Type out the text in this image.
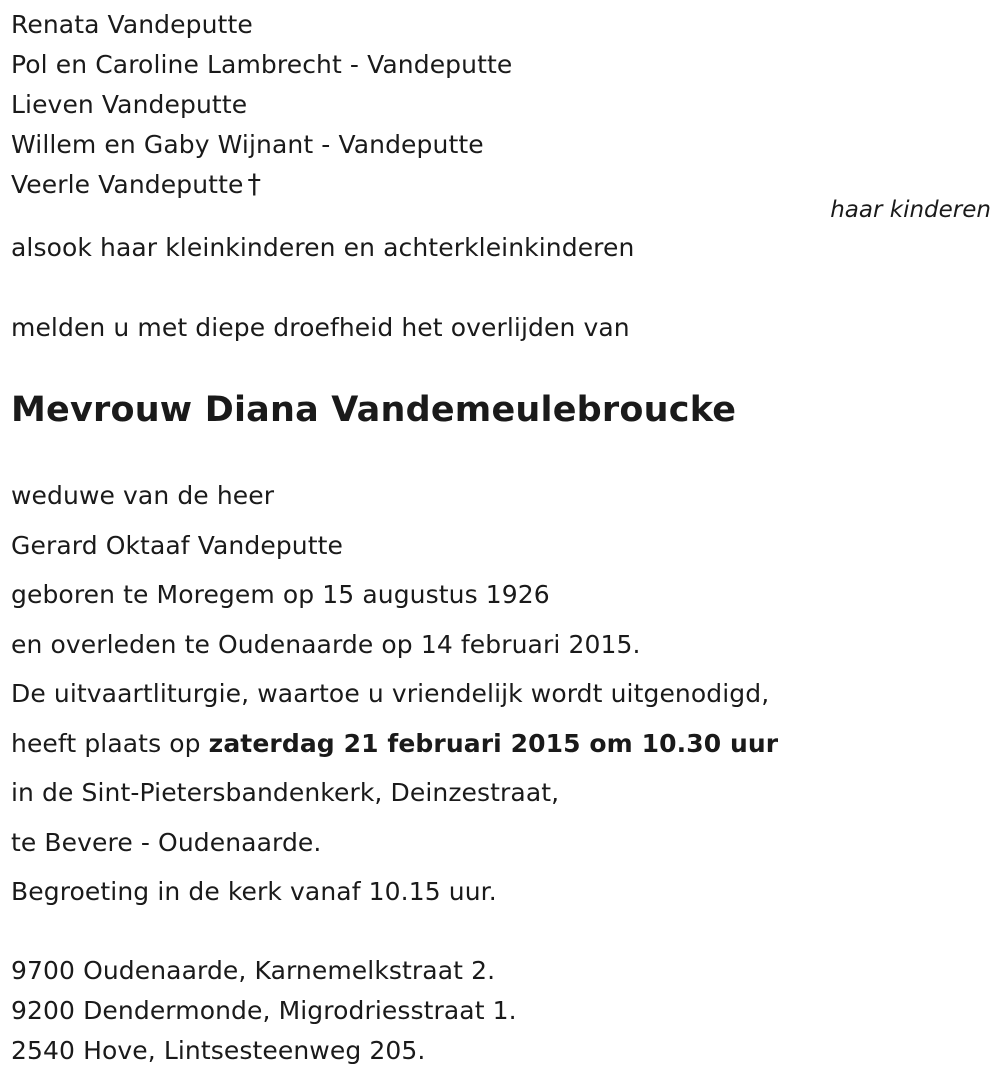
Renata Vandeputte
Pol en Caroline Lambrecht - Vandeputte
Lieven Vandeputte
Willem en Gaby Wijnant - Vandeputte
Veerle Vandeputte †
haar kinderen
alsook haar kleinkinderen en achterkleinkinderen
melden u met diepe droefheid het overlijden van
Mevrouw Diana Vandemeulebroucke
weduwe van de heer
Gerard Oktaaf Vandeputte
geboren te Moregem op 15 augustus 1926
en overleden te Oudenaarde op 14 februari 2015.
De uitvaartliturgie, waartoe u vriendelijk wordt uitgenodigd,
heeft plaats op zaterdag 21 februari 2015 om 10.30 uur
in de Sint-Pietersbandenkerk, Deinzestraat,
te Bevere - Oudenaarde.
Begroeting in de kerk vanaf 10.15 uur.
9700 Oudenaarde, Karnemelkstraat 2.
9200 Dendermonde, Migrodriesstraat 1.
2540 Hove, Lintsesteenweg 205.
